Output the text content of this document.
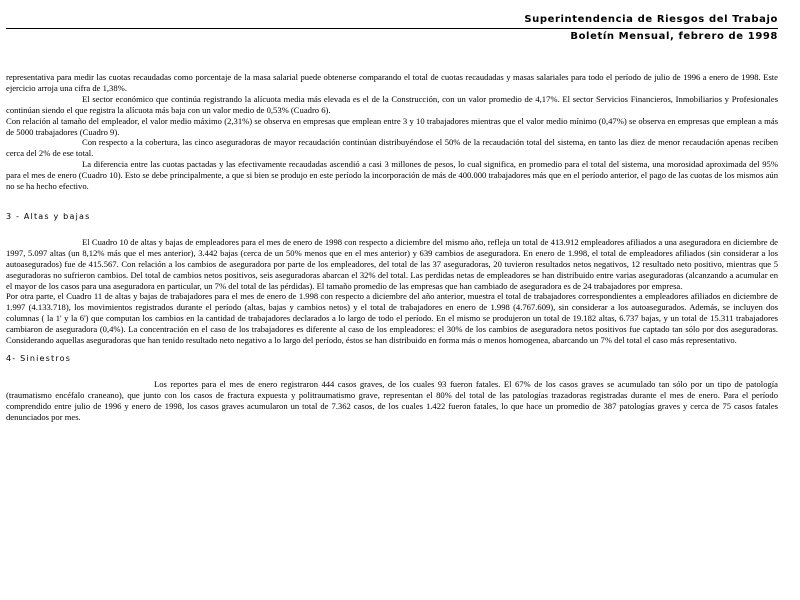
Superintendencia de Riesgos del Trabajo
Boletín Mensual, febrero de 1998

representativa para medir las cuotas recaudadas como porcentaje de la masa salarial puede obtenerse comparando el total de cuotas recaudadas y masas salariales para todo el período de julio de 1996 a enero de 1998. Este ejercicio arroja una cifra de 1,38%.

El sector económico que continúa registrando la alícuota media más elevada es el de la Construcción, con un valor promedio de 4,17%. El sector Servicios Financieros, Inmobiliarios y Profesionales continúan siendo el que registra la alícuota más baja con un valor medio de 0,53% (Cuadro 6).

Con relación al tamaño del empleador, el valor medio máximo (2,31%) se observa en empresas que emplean entre 3 y 10 trabajadores mientras que el valor medio mínimo (0,47%) se observa en empresas que emplean a más de 5000 trabajadores (Cuadro 9).

Con respecto a la cobertura, las cinco aseguradoras de mayor recaudación continúan distribuyéndose el 50% de la recaudación total del sistema, en tanto las diez de menor recaudación apenas reciben cerca del 2% de ese total.

La diferencia entre las cuotas pactadas y las efectivamente recaudadas ascendió a casi 3 millones de pesos, lo cual significa, en promedio para el total del sistema, una morosidad aproximada del 95% para el mes de enero (Cuadro 10). Esto se debe principalmente, a que si bien se produjo en este período la incorporación de más de 400.000 trabajadores más que en el período anterior, el pago de las cuotas de los mismos aún no se ha hecho efectivo.

3 - Altas y bajas

El Cuadro 10 de altas y bajas de empleadores para el mes de enero de 1998 con respecto a diciembre del mismo año, refleja un total de 413.912 empleadores afiliados a una aseguradora en diciembre de 1997, 5.097 altas (un 8,12% más que el mes anterior), 3.442 bajas (cerca de un 50% menos que en el mes anterior) y 639 cambios de aseguradora. En enero de 1.998, el total de empleadores afiliados (sin considerar a los autoasegurados) fue de 415.567. Con relación a los cambios de aseguradora por parte de los empleadores, del total de las 37 aseguradoras, 20 tuvieron resultados netos negativos, 12 resultado neto positivo, mientras que 5 aseguradoras no sufrieron cambios. Del total de cambios netos positivos, seis aseguradoras abarcan el 32% del total. Las perdidas netas de empleadores se han distribuido entre varias aseguradoras (alcanzando a acumular en el mayor de los casos para una aseguradora en particular, un 7% del total de las pérdidas). El tamaño promedio de las empresas que han cambiado de aseguradora es de 24 trabajadores por empresa.

Por otra parte, el Cuadro 11 de altas y bajas de trabajadores para el mes de enero de 1.998 con respecto a diciembre del año anterior, muestra el total de trabajadores correspondientes a empleadores afiliados en diciembre de 1.997 (4.133.718), los movimientos registrados durante el período (altas, bajas y cambios netos) y el total de trabajadores en enero de 1.998 (4.767.609), sin considerar a los autoasegurados. Además, se incluyen dos columnas ( la 1' y la 6') que computan los cambios en la cantidad de trabajadores declarados a lo largo de todo el período. En el mismo se produjeron un total de 19.182 altas, 6.737 bajas, y un total de 15.311 trabajadores cambiaron de aseguradora (0,4%). La concentración en el caso de los trabajadores es diferente al caso de los empleadores: el 30% de los cambios de aseguradora netos positivos fue captado tan sólo por dos aseguradoras. Considerando aquellas aseguradoras que han tenido resultado neto negativo a lo largo del período, éstos se han distribuido en forma más o menos homogenea, abarcando un 7% del total el caso más representativo.

4- Siniestros

Los reportes para el mes de enero registraron 444 casos graves, de los cuales 93 fueron fatales. El 67% de los casos graves se acumulado tan sólo por un tipo de patología (traumatismo encéfalo craneano), que junto con los casos de fractura expuesta y politraumatismo grave, representan el 80% del total de las patologías trazadoras registradas durante el mes de enero. Para el período comprendido entre julio de 1996 y enero de 1998, los casos graves acumularon un total de 7.362 casos, de los cuales 1.422 fueron fatales, lo que hace un promedio de 387 patologías graves y cerca de 75 casos fatales denunciados por mes.
